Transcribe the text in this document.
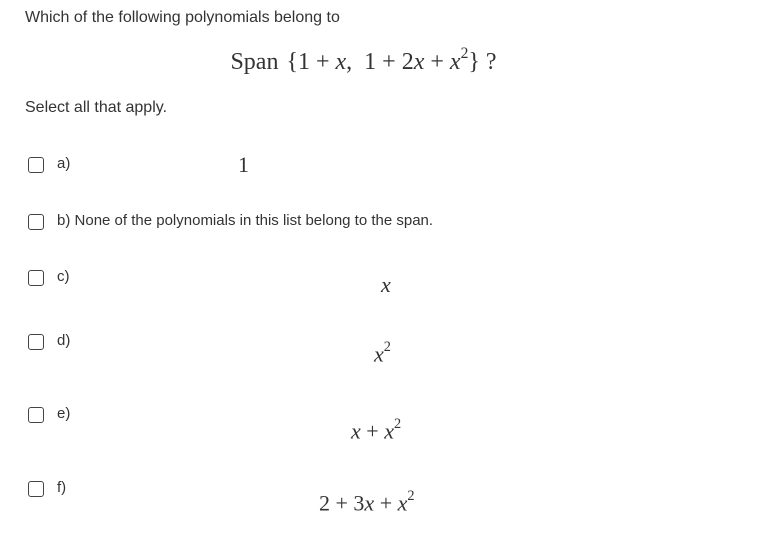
Which of the following polynomials belong to
Span  {1 + x,  $1 + 2x + x^2$} ?
Select all that apply.
a)	1
b) None of the polynomials in this list belong to the span.
c)	x
d)
$x^2$
e)
$x + x^2$
f)
$2 + 3x + x^2$
